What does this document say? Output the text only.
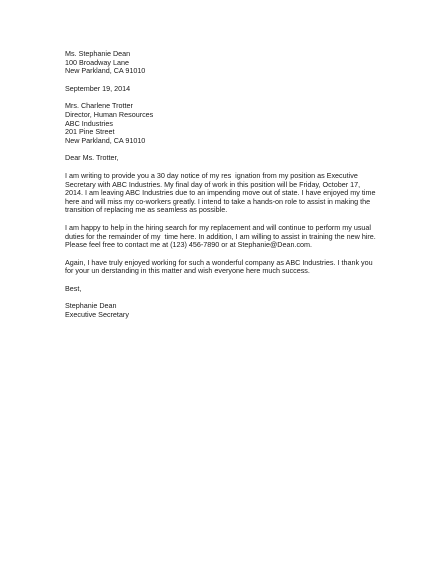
Ms. Stephanie Dean
100 Broadway Lane
New Parkland, CA 91010
September 19, 2014
Mrs. Charlene Trotter
Director, Human Resources
ABC Industries
201 Pine Street
New Parkland, CA 91010
Dear Ms. Trotter,
I am writing to provide you a 30 day notice of my res  ignation from my position as Executive
Secretary with ABC Industries. My final day of work in this position will be Friday, October 17,
2014. I am leaving ABC Industries due to an impending move out of state. I have enjoyed my time
here and will miss my co-workers greatly. I intend to take a hands-on role to assist in making the
transition of replacing me as seamless as possible.
I am happy to help in the hiring search for my replacement and will continue to perform my usual
duties for the remainder of my  time here. In addition, I am willing to assist in training the new hire.
Please feel free to contact me at (123) 456-7890 or at Stephanie@Dean.com.
Again, I have truly enjoyed working for such a wonderful company as ABC Industries. I thank you
for your un derstanding in this matter and wish everyone here much success.
Best,
Stephanie Dean
Executive Secretary
